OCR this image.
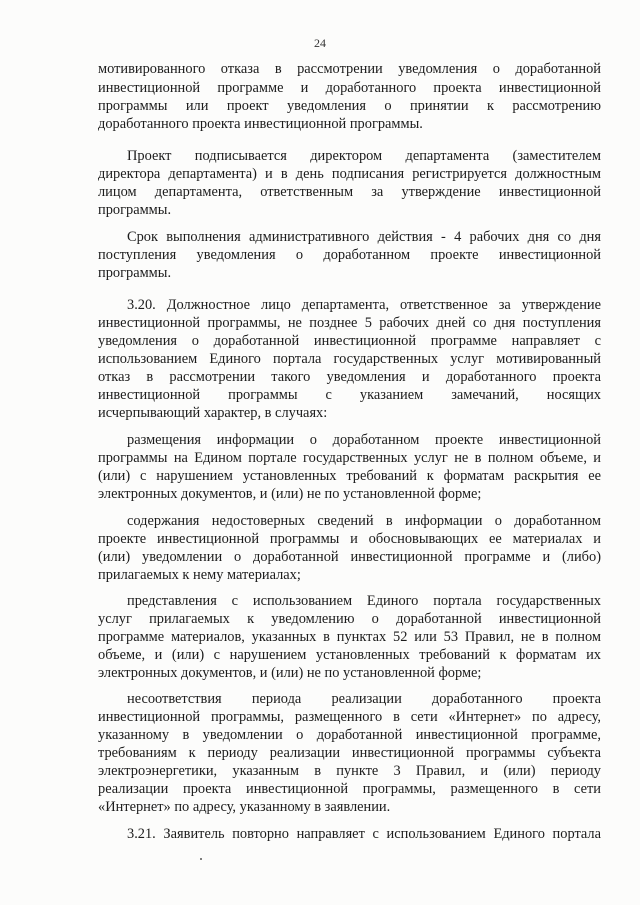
24
мотивированного отказа в рассмотрении уведомления о доработанной
инвестиционной программе и доработанного проекта инвестиционной
программы или проект уведомления о принятии к рассмотрению
доработанного проекта инвестиционной программы.
Проект подписывается директором департамента (заместителем
директора департамента) и в день подписания регистрируется должностным
лицом департамента, ответственным за утверждение инвестиционной
программы.
Срок выполнения административного действия - 4 рабочих дня со дня
поступления уведомления о доработанном проекте инвестиционной
программы.
3.20. Должностное лицо департамента, ответственное за утверждение
инвестиционной программы, не позднее 5 рабочих дней со дня поступления
уведомления о доработанной инвестиционной программе направляет с
использованием Единого портала государственных услуг мотивированный
отказ в рассмотрении такого уведомления и доработанного проекта
инвестиционной программы с указанием замечаний, носящих
исчерпывающий характер, в случаях:
размещения информации о доработанном проекте инвестиционной
программы на Едином портале государственных услуг не в полном объеме, и
(или) с нарушением установленных требований к форматам раскрытия ее
электронных документов, и (или) не по установленной форме;
содержания недостоверных сведений в информации о доработанном
проекте инвестиционной программы и обосновывающих ее материалах и
(или) уведомлении о доработанной инвестиционной программе и (либо)
прилагаемых к нему материалах;
представления с использованием Единого портала государственных
услуг прилагаемых к уведомлению о доработанной инвестиционной
программе материалов, указанных в пунктах 52 или 53 Правил, не в полном
объеме, и (или) с нарушением установленных требований к форматам их
электронных документов, и (или) не по установленной форме;
несоответствия периода реализации доработанного проекта
инвестиционной программы, размещенного в сети «Интернет» по адресу,
указанному в уведомлении о доработанной инвестиционной программе,
требованиям к периоду реализации инвестиционной программы субъекта
электроэнергетики, указанным в пункте 3 Правил, и (или) периоду
реализации проекта инвестиционной программы, размещенного в сети
«Интернет» по адресу, указанному в заявлении.
3.21. Заявитель повторно направляет с использованием Единого портала
